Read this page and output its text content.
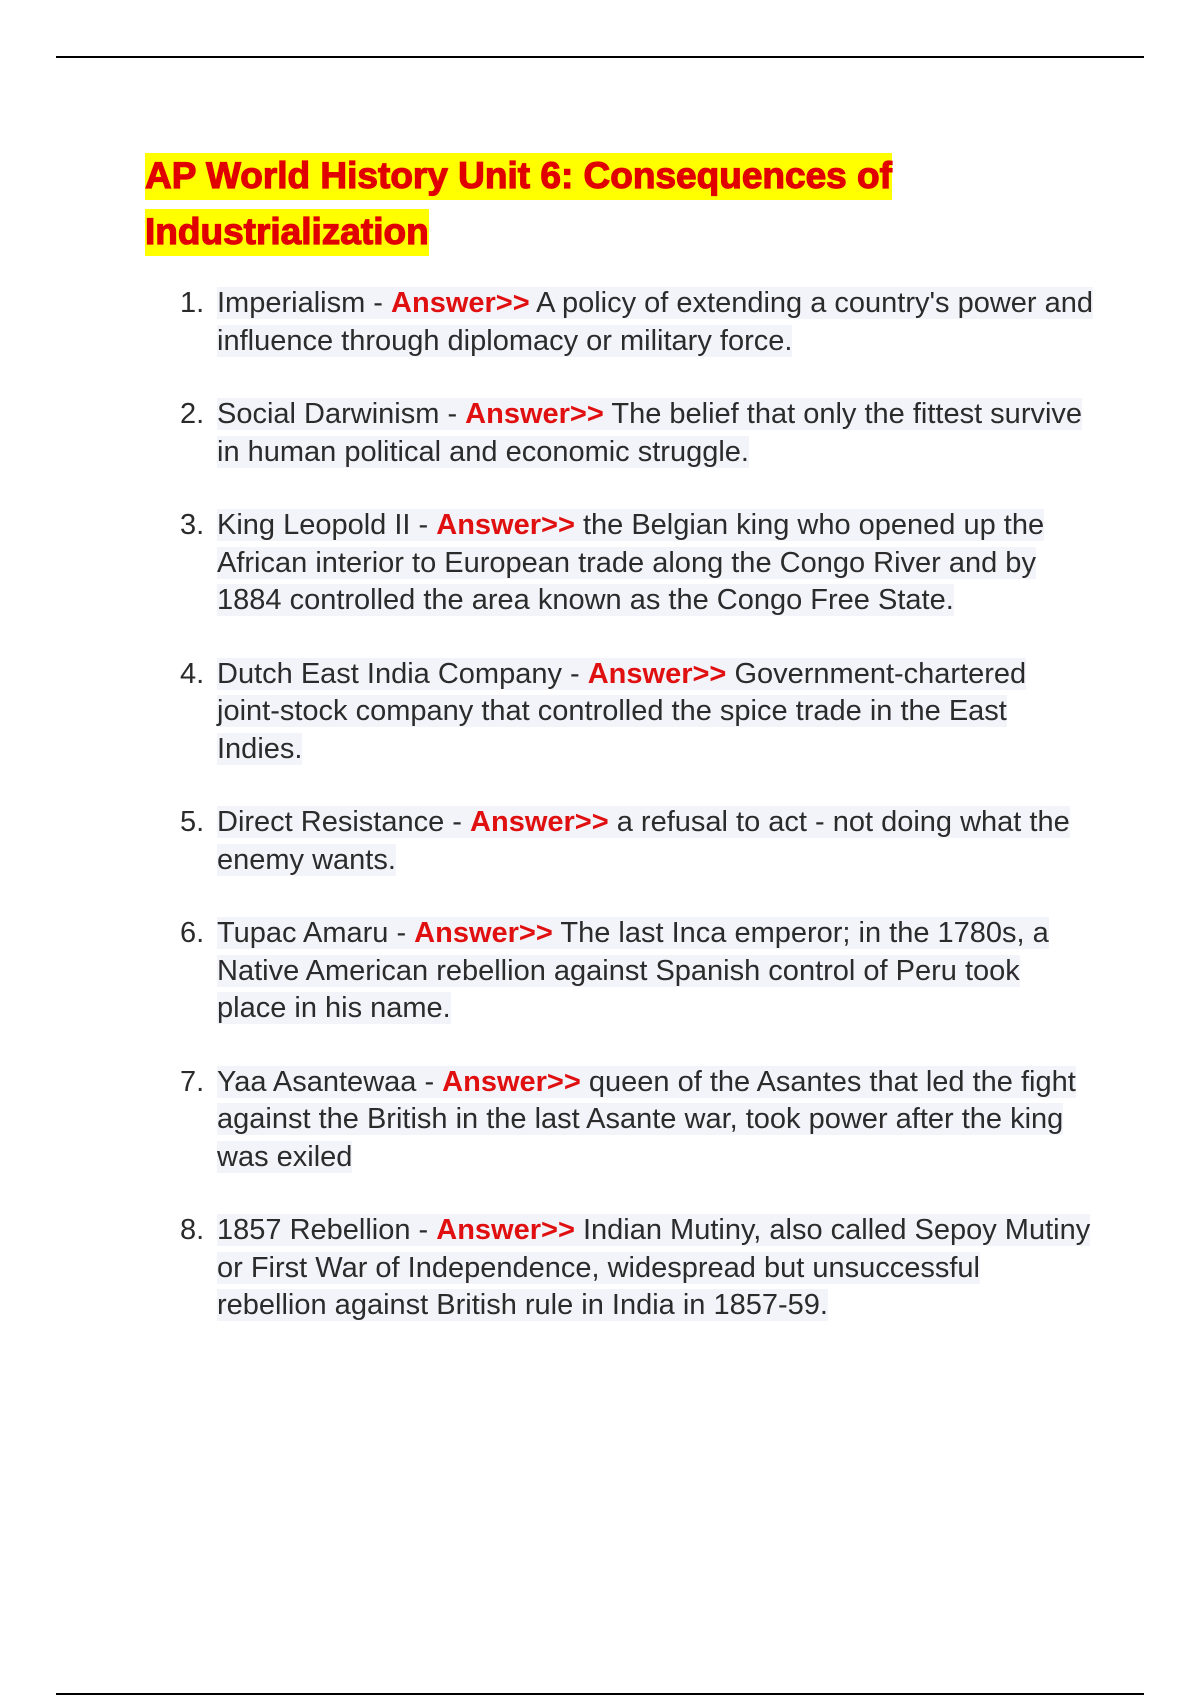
AP World History Unit 6: Consequences of Industrialization
1. Imperialism - Answer>> A policy of extending a country's power and influence through diplomacy or military force.
2. Social Darwinism - Answer>> The belief that only the fittest survive in human political and economic struggle.
3. King Leopold II - Answer>> the Belgian king who opened up the African interior to European trade along the Congo River and by 1884 controlled the area known as the Congo Free State.
4. Dutch East India Company - Answer>> Government-chartered joint-stock company that controlled the spice trade in the East Indies.
5. Direct Resistance - Answer>> a refusal to act - not doing what the enemy wants.
6. Tupac Amaru - Answer>> The last Inca emperor; in the 1780s, a Native American rebellion against Spanish control of Peru took place in his name.
7. Yaa Asantewaa - Answer>> queen of the Asantes that led the fight against the British in the last Asante war, took power after the king was exiled
8. 1857 Rebellion - Answer>> Indian Mutiny, also called Sepoy Mutiny or First War of Independence, widespread but unsuccessful rebellion against British rule in India in 1857-59.
